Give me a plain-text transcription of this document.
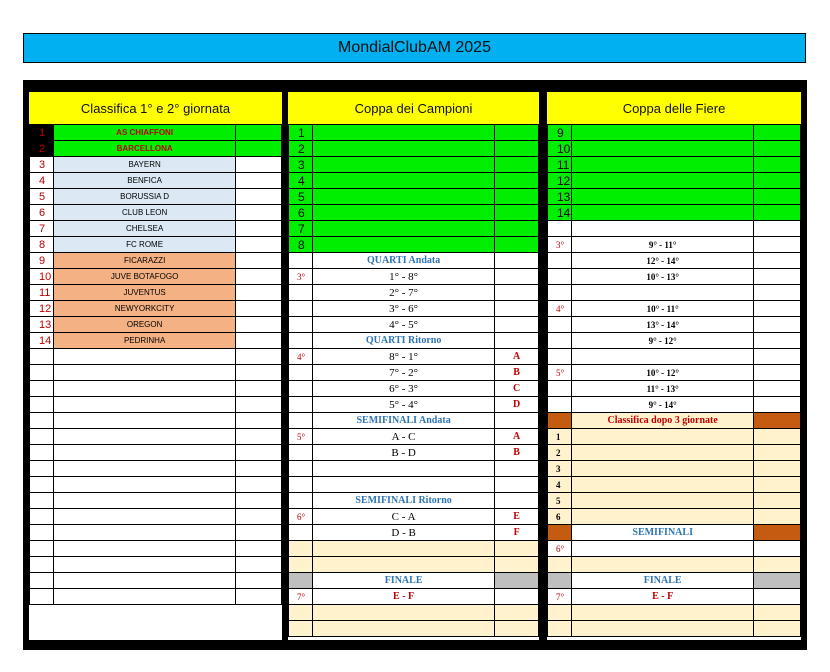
MondialClubAM 2025
Classifica 1° e 2° giornata
1	AS CHIAFFONI	
2	BARCELLONA	
3	BAYERN	
4	BENFICA	
5	BORUSSIA D	
6	CLUB LEON	
7	CHELSEA	
8	FC ROME	
9	FICARAZZI	
10	JUVE BOTAFOGO	
11	JUVENTUS	
12	NEWYORKCITY	
13	OREGON	
14	PEDRINHA	

Coppa dei Campioni
1		
2		
3		
4		
5		
6		
7		
8		
	QUARTI Andata	
3°	1° - 8°	
	2° - 7°	
	3° - 6°	
	4° - 5°	
	QUARTI Ritorno	
4°	8° - 1°	A
	7° - 2°	B
	6° - 3°	C
	5° - 4°	D
	SEMIFINALI Andata	
5°	A - C	A
	B - D	B

	SEMIFINALI Ritorno	
6°	C - A	E
	D - B	F

	FINALE	
7°	E - F	

Coppa delle Fiere
9		
10		
11		
12		
13		
14		

3°	9° - 11°	
	12° - 14°	
	10° - 13°	

4°	10° - 11°	
	13° - 14°	
	9° - 12°	

5°	10° - 12°	
	11° - 13°	
	9° - 14°	
	Classifica dopo 3 giornate	
1		
2		
3		
4		
5		
6		
	SEMIFINALI	
6°		

	FINALE	
7°	E - F	
